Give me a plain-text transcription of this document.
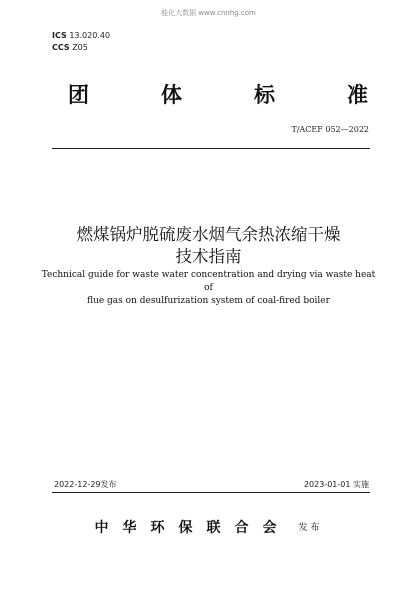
能化大数据 www.cnnhg.com
ICS 13.020.40
CCS Z05
团	体	标	准
T/ACEF 052—2022
燃煤锅炉脱硫废水烟气余热浓缩干燥
技术指南
Technical guide for waste water concentration and drying via waste heat of
flue gas on desulfurization system of coal-fired boiler
2022-12-29发布	2023-01-01 实施
中华环保联合会 发布
